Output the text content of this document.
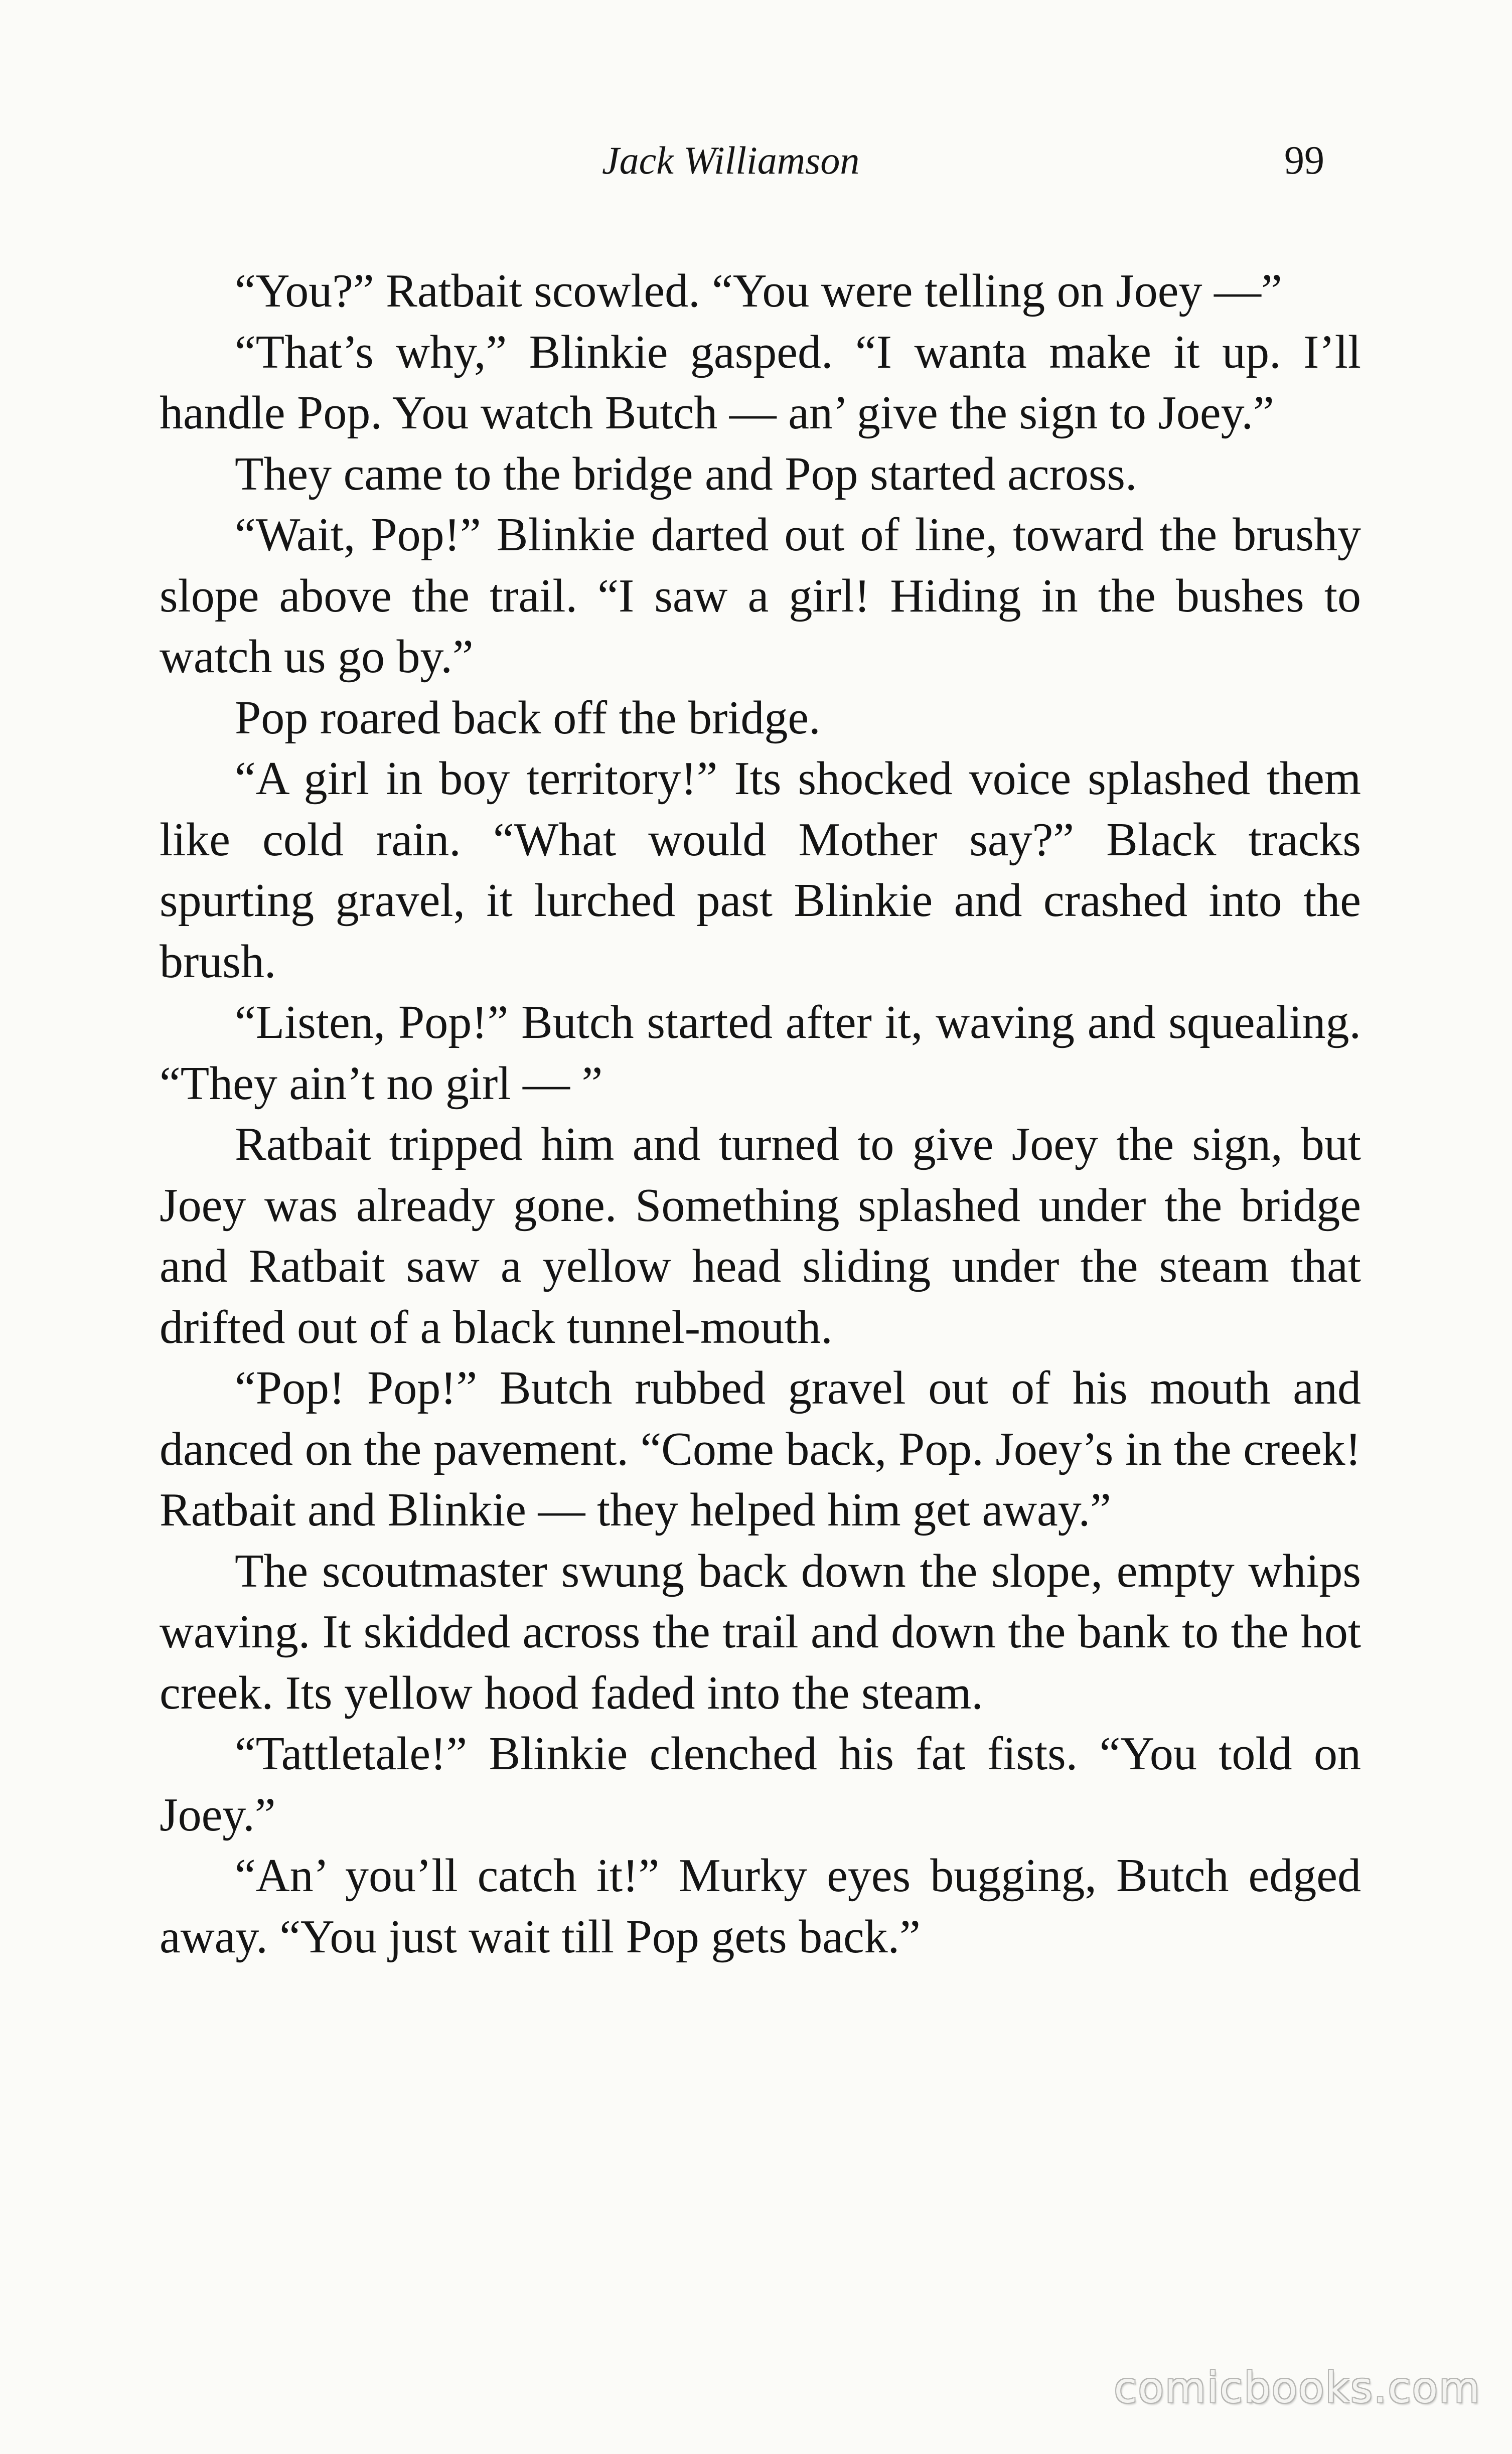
Jack Williamson	99

“You?” Ratbait scowled. “You were telling on Joey —”

“That’s why,” Blinkie gasped. “I wanta make it up. I’ll handle Pop. You watch Butch — an’ give the sign to Joey.”

They came to the bridge and Pop started across.

“Wait, Pop!” Blinkie darted out of line, toward the brushy slope above the trail. “I saw a girl! Hiding in the bushes to watch us go by.”

Pop roared back off the bridge.

“A girl in boy territory!” Its shocked voice splashed them like cold rain. “What would Mother say?” Black tracks spurting gravel, it lurched past Blinkie and crashed into the brush.

“Listen, Pop!” Butch started after it, waving and squealing. “They ain’t no girl — ”

Ratbait tripped him and turned to give Joey the sign, but Joey was already gone. Something splashed under the bridge and Ratbait saw a yellow head sliding under the steam that drifted out of a black tunnel-mouth.

“Pop! Pop!” Butch rubbed gravel out of his mouth and danced on the pavement. “Come back, Pop. Joey’s in the creek! Ratbait and Blinkie — they helped him get away.”

The scoutmaster swung back down the slope, empty whips waving. It skidded across the trail and down the bank to the hot creek. Its yellow hood faded into the steam.

“Tattletale!” Blinkie clenched his fat fists. “You told on Joey.”

“An’ you’ll catch it!” Murky eyes bugging, Butch edged away. “You just wait till Pop gets back.”

comicbooks.com
